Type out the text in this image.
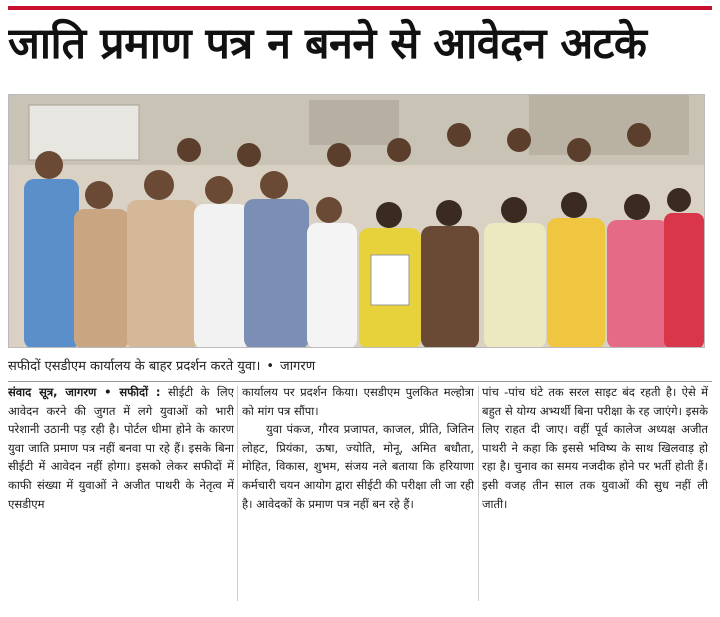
जाति प्रमाण पत्र न बनने से आवेदन अटके
सफीदों एसडीएम कार्यालय के बाहर प्रदर्शन करते युवा। • जागरण

संवाद सूत्र, जागरण • सफीदों : सीईटी के लिए आवेदन करने की जुगत में लगे युवाओं को भारी परेशानी उठानी पड़ रही है। पोर्टल धीमा होने के कारण युवा जाति प्रमाण पत्र नहीं बनवा पा रहे हैं। इसके बिना सीईटी में आवेदन नहीं होगा। इसको लेकर सफीदों में काफी संख्या में युवाओं ने अजीत पाथरी के नेतृत्व में एसडीएम

कार्यालय पर प्रदर्शन किया। एसडीएम पुलकित मल्होत्रा को मांग पत्र सौंपा।

युवा पंकज, गौरव प्रजापत, काजल, प्रीति, जितिन लोहट, प्रियंका, ऊषा, ज्योति, मोनू, अमित बधौता, मोहित, विकास, शुभम, संजय नले बताया कि हरियाणा कर्मचारी चयन आयोग द्वारा सीईटी की परीक्षा ली जा रही है। आवेदकों के प्रमाण पत्र नहीं बन रहे हैं।

पांच -पांच घंटे तक सरल साइट बंद रहती है। ऐसे में बहुत से योग्य अभ्यर्थी बिना परीक्षा के रह जाएंगे। इसके लिए राहत दी जाए। वहीं पूर्व कालेज अध्यक्ष अजीत पाथरी ने कहा कि इससे भविष्य के साथ खिलवाड़ हो रहा है। चुनाव का समय नजदीक होने पर भर्ती होती हैं। इसी वजह तीन साल तक युवाओं की सुध नहीं ली जाती।
